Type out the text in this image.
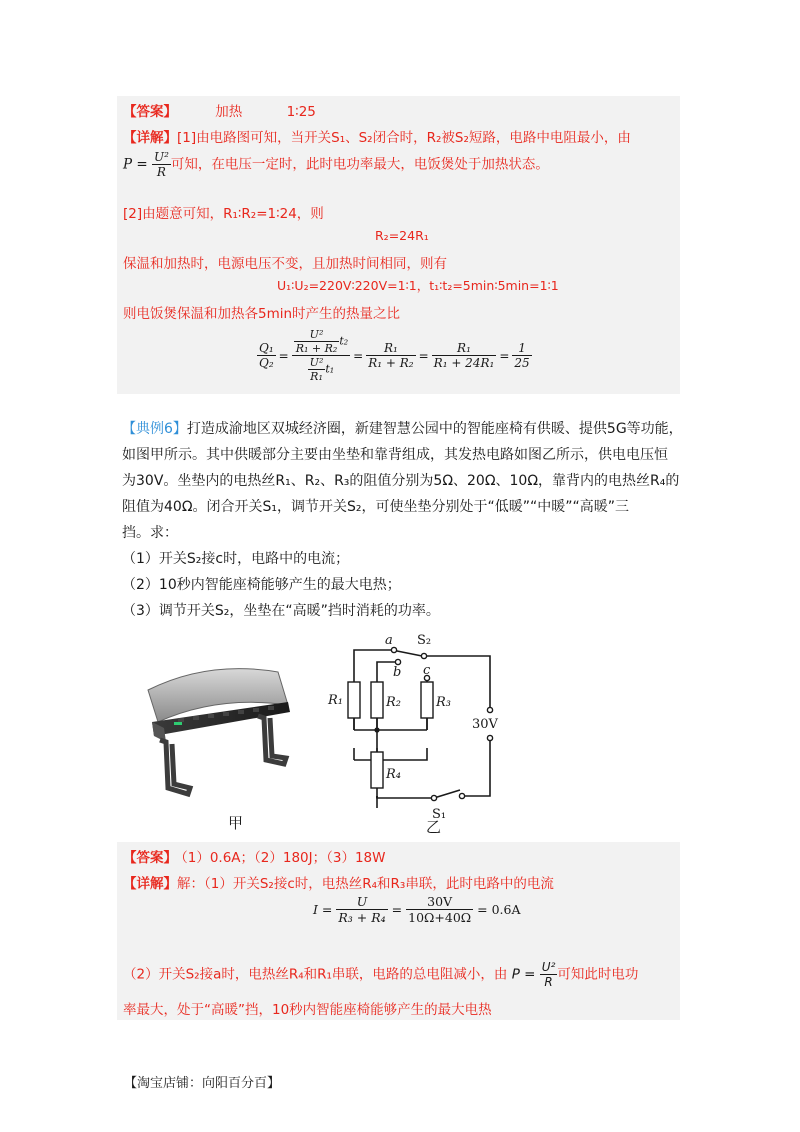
【答案】	加热	1∶25
【详解】[1]由电路图可知，当开关S₁、S₂闭合时，R₂被S₂短路，电路中电阻最小，由
$P = \frac{\text{U²}}{R}$ 可知，在电压一定时，此时电功率最大，电饭煲处于加热状态。
[2]由题意可知，R₁∶R₂=1∶24，则
R₂=24R₁
保温和加热时，电源电压不变，且加热时间相同，则有
U₁∶U₂=220V∶220V=1∶1，t₁∶t₂=5min∶5min=1∶1
则电饭煲保温和加热各5min时产生的热量之比
$\frac{\text{Q₁}}{\text{Q₂}} = \frac{\frac{\text{U²}}{\text{R₁ + R₂}} t_2}{\frac{\text{U²}}{\text{R₁}} t_1} = \frac{\text{R₁}}{\text{R₁ + R₂}} = \frac{\text{R₁}}{\text{R₁ + 24R₁}} = \frac{1}{25}$
【典例6】打造成渝地区双城经济圈，新建智慧公园中的智能座椅有供暖、提供5G等功能，
如图甲所示。其中供暖部分主要由坐垫和靠背组成，其发热电路如图乙所示，供电电压恒
为30V。坐垫内的电热丝R₁、R₂、R₃的阻值分别为5Ω、20Ω、10Ω，靠背内的电热丝R₄的
阻值为40Ω。闭合开关S₁，调节开关S₂，可使坐垫分别处于“低暖”“中暖”“高暖”三
挡。求：
（1）开关S₂接c时，电路中的电流；
（2）10秒内智能座椅能够产生的最大电热；
（3）调节开关S₂，坐垫在“高暖”挡时消耗的功率。
甲
a
b c
R₁	R₂	R₃
R₄
S₂
S₁
30V
乙
【答案】 （1）0.6A；（2）180J；（3）18W
【详解】解：（1）开关S₂接c时，电热丝R₄和R₃串联，此时电路中的电流
$I = \frac{U}{\text{R₃ + R₄}} = \frac{30V}{10\Omega+40\Omega} = 0.6A$
（2）开关S₂接a时，电热丝R₄和R₁串联，电路的总电阻减小，由 $P = \frac{\text{U²}}{R}$ 可知此时电功
率最大，处于“高暖”挡，10秒内智能座椅能够产生的最大电热
【淘宝店铺：向阳百分百】
